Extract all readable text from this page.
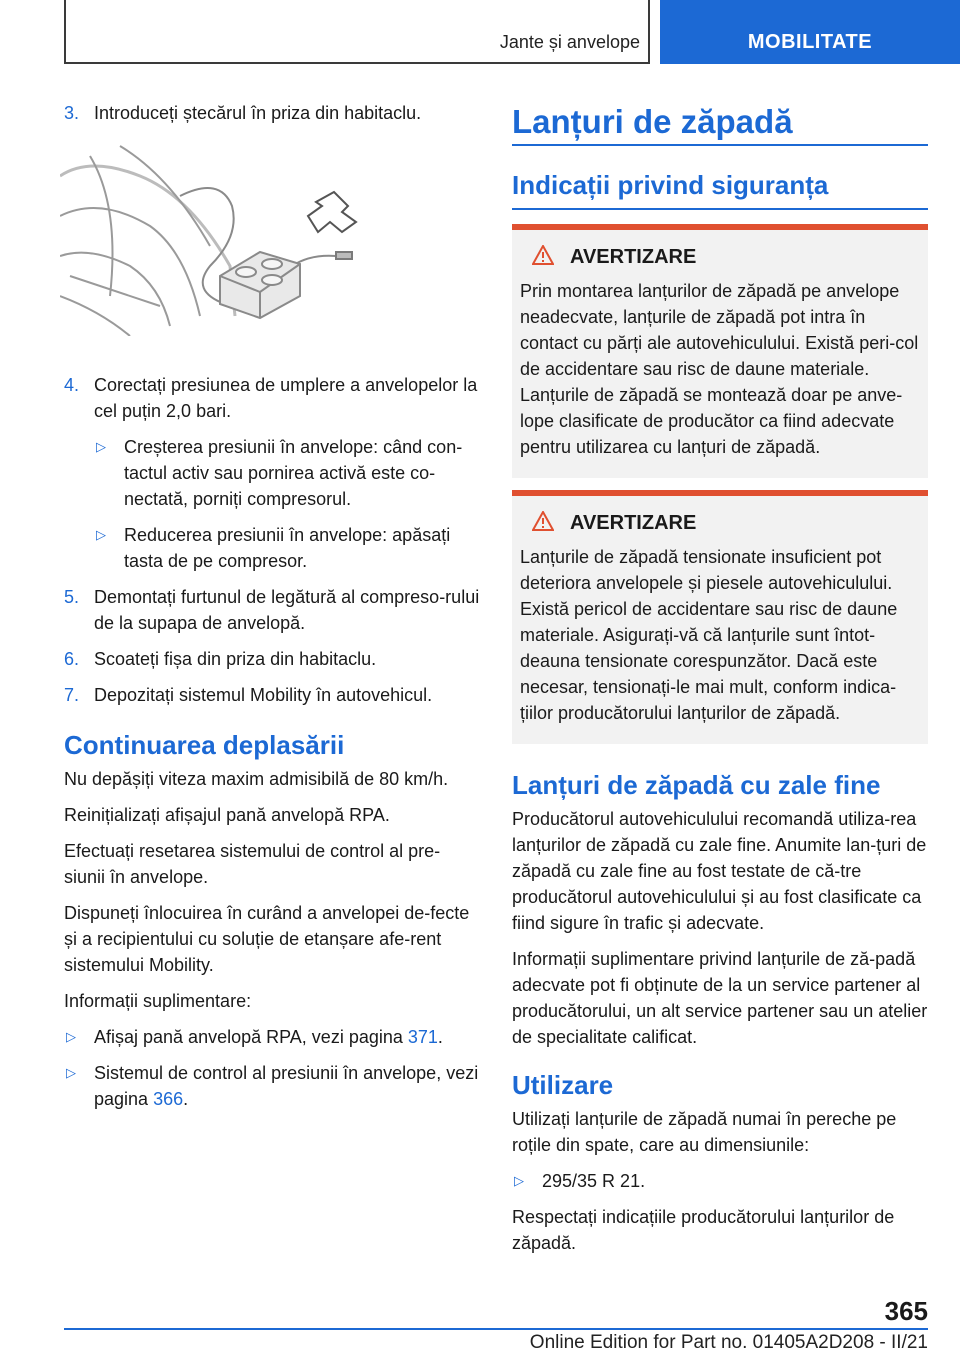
Jante și anvelope	MOBILITATE
3. Introduceți ștecărul în priza din habitaclu.
4. Corectați presiunea de umplere a anvelopelor la cel puțin 2,0 bari.
▷ Creșterea presiunii în anvelope: când con-tactul activ sau pornirea activă este co-nectată, porniți compresorul.
▷ Reducerea presiunii în anvelope: apăsați tasta de pe compresor.
5. Demontați furtunul de legătură al compreso-rului de la supapa de anvelopă.
6. Scoateți fișa din priza din habitaclu.
7. Depozitați sistemul Mobility în autovehicul.
Continuarea deplasării

Nu depășiți viteza maxim admisibilă de 80 km/h.

Reinițializați afișajul pană anvelopă RPA.

Efectuați resetarea sistemului de control al pre-siunii în anvelope.

Dispuneți înlocuirea în curând a anvelopei de-fecte și a recipientului cu soluție de etanșare afe-rent sistemului Mobility.

Informații suplimentare:

▷ Afișaj pană anvelopă RPA, vezi pagina 371.
▷ Sistemul de control al presiunii în anvelope, vezi pagina 366.
Lanțuri de zăpadă
Indicații privind siguranța
AVERTIZARE
Prin montarea lanțurilor de zăpadă pe anvelope neadecvate, lanțurile de zăpadă pot intra în contact cu părți ale autovehiculului. Există peri-col de accidentare sau risc de daune materiale. Lanțurile de zăpadă se montează doar pe anve-lope clasificate de producător ca fiind adecvate pentru utilizarea cu lanțuri de zăpadă.
AVERTIZARE
Lanțurile de zăpadă tensionate insuficient pot deteriora anvelopele și piesele autovehiculului. Există pericol de accidentare sau risc de daune materiale. Asigurați-vă că lanțurile sunt întot-deauna tensionate corespunzător. Dacă este necesar, tensionați-le mai mult, conform indica-țiilor producătorului lanțurilor de zăpadă.
Lanțuri de zăpadă cu zale fine

Producătorul autovehiculului recomandă utiliza-rea lanțurilor de zăpadă cu zale fine. Anumite lan-țuri de zăpadă cu zale fine au fost testate de că-tre producătorul autovehiculului și au fost clasificate ca fiind sigure în trafic și adecvate.

Informații suplimentare privind lanțurile de ză-padă adecvate pot fi obținute de la un service partener al producătorului, un alt service partener sau un atelier de specialitate calificat.

Utilizare

Utilizați lanțurile de zăpadă numai în pereche pe roțile din spate, care au dimensiunile:

▷ 295/35 R 21.

Respectați indicațiile producătorului lanțurilor de zăpadă.

365
Online Edition for Part no. 01405A2D208 - II/21
